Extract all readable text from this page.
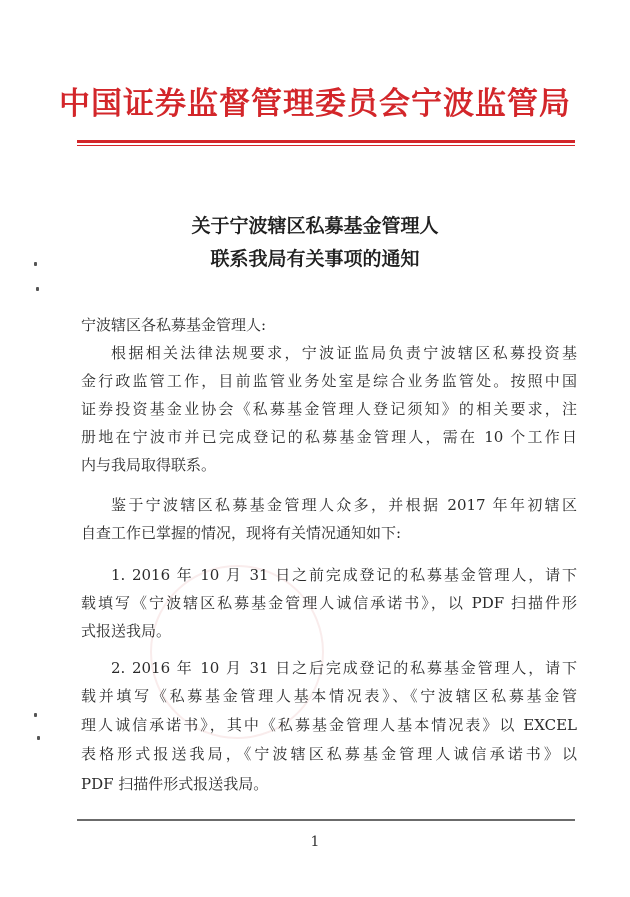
中国证券监督管理委员会宁波监管局
关于宁波辖区私募基金管理人
联系我局有关事项的通知
宁波辖区各私募基金管理人:
根据相关法律法规要求，宁波证监局负责宁波辖区私募投资基
金行政监管工作，目前监管业务处室是综合业务监管处。按照中国
证券投资基金业协会《私募基金管理人登记须知》的相关要求，注
册地在宁波市并已完成登记的私募基金管理人，需在 10 个工作日
内与我局取得联系。
鉴于宁波辖区私募基金管理人众多，并根据 2017 年年初辖区
自查工作已掌握的情况，现将有关情况通知如下:
1. 2016 年 10 月 31 日之前完成登记的私募基金管理人，请下
载填写《宁波辖区私募基金管理人诚信承诺书》，以 PDF 扫描件形
式报送我局。
2. 2016 年 10 月 31 日之后完成登记的私募基金管理人，请下
载并填写《私募基金管理人基本情况表》、《宁波辖区私募基金管
理人诚信承诺书》，其中《私募基金管理人基本情况表》以 EXCEL
表格形式报送我局，《宁波辖区私募基金管理人诚信承诺书》以
PDF 扫描件形式报送我局。
1
